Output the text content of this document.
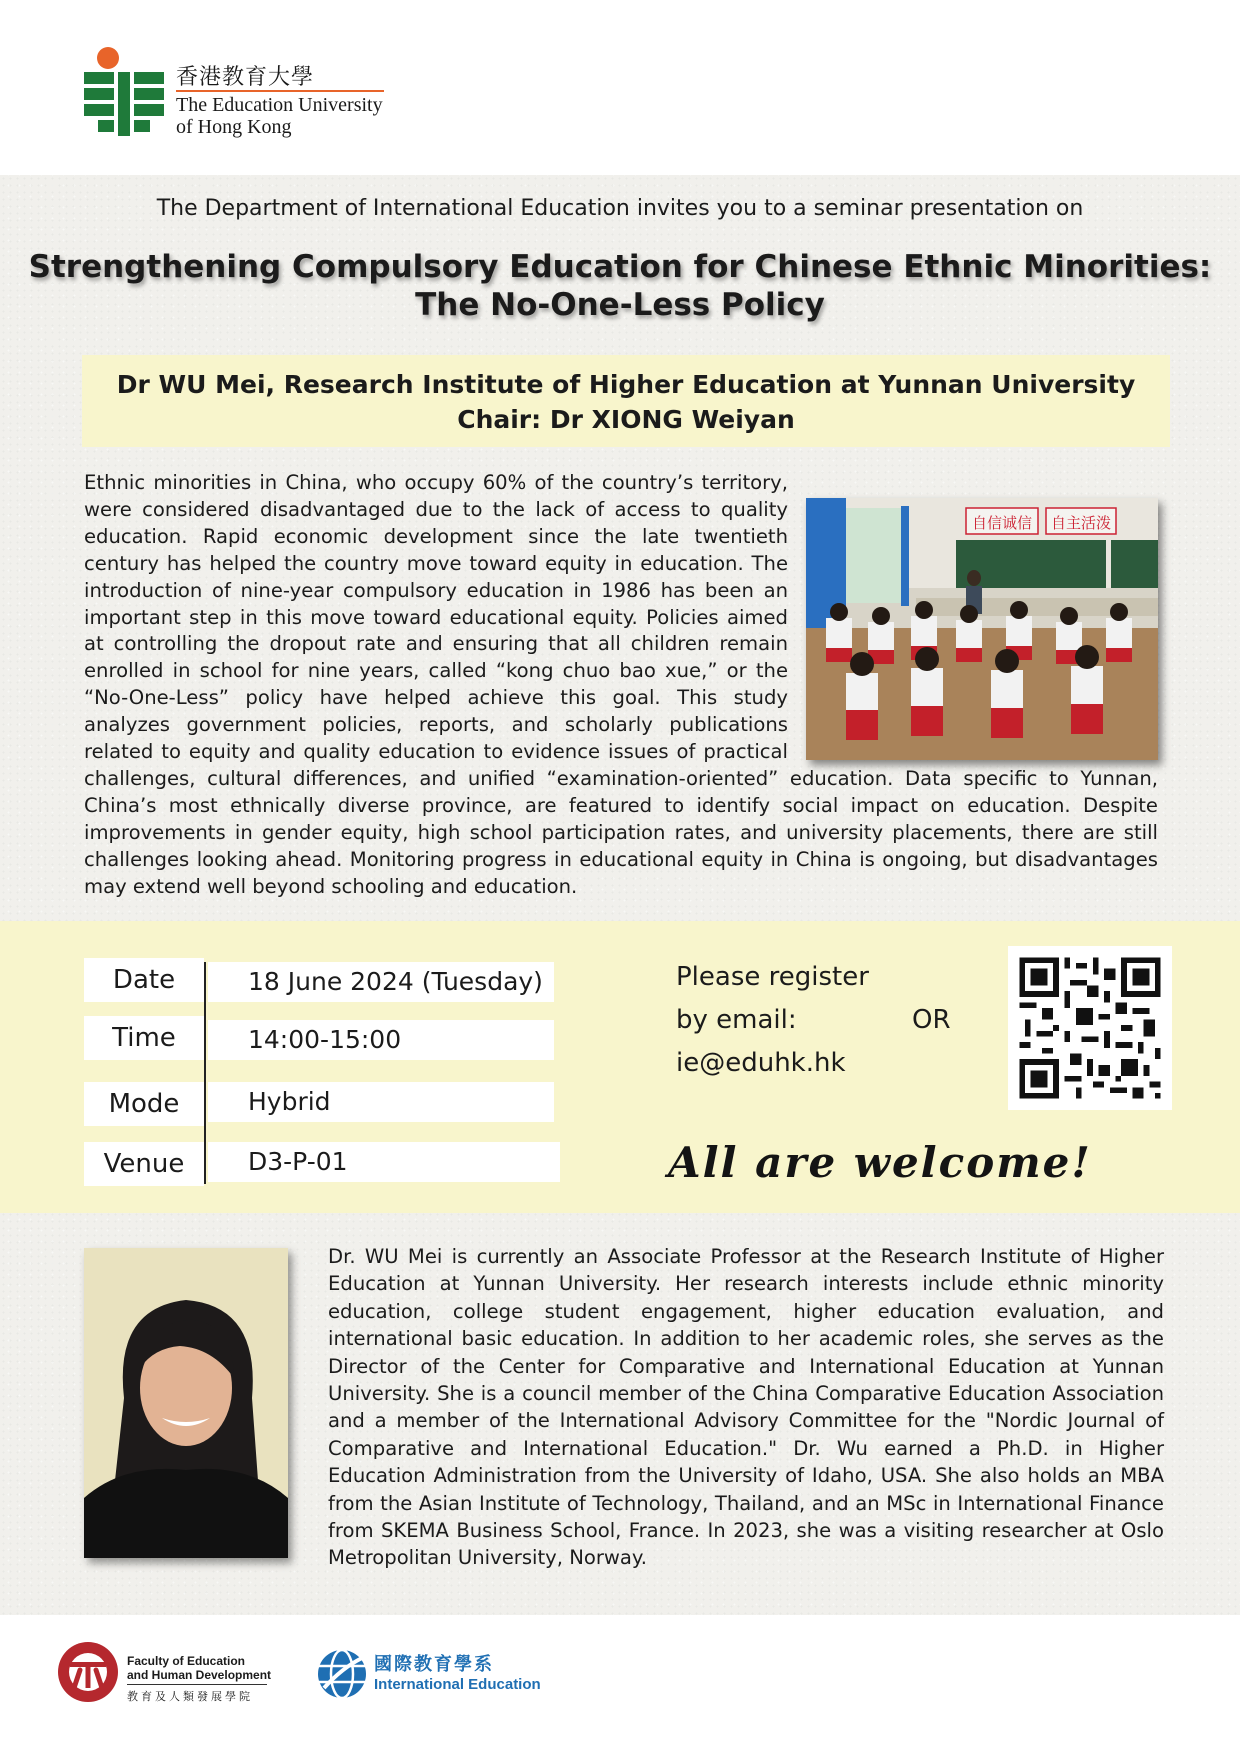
香港教育大學
The Education University
of Hong Kong
The Department of International Education invites you to a seminar presentation on
Strengthening Compulsory Education for Chinese Ethnic Minorities:
The No-One-Less Policy
Dr WU Mei, Research Institute of Higher Education at Yunnan University
Chair: Dr XIONG Weiyan
自信诚信 自主活泼
Ethnic minorities in China, who occupy 60% of the country’s territory, were considered disadvantaged due to the lack of access to quality education. Rapid economic development since the late twentieth century has helped the country move toward equity in education. The introduction of nine-year compulsory education in 1986 has been an important step in this move toward educational equity. Policies aimed at controlling the dropout rate and ensuring that all children remain enrolled in school for nine years, called “kong chuo bao xue,” or the “No-One-Less” policy have helped achieve this goal. This study analyzes government policies, reports, and scholarly publications related to equity and quality education to evidence issues of practical challenges, cultural differences, and unified “examination-oriented” education. Data specific to Yunnan, China’s most ethnically diverse province, are featured to identify social impact on education. Despite improvements in gender equity, high school participation rates, and university placements, there are still challenges looking ahead. Monitoring progress in educational equity in China is ongoing, but disadvantages may extend well beyond schooling and education.
Date	18 June 2024 (Tuesday)
Time	14:00-15:00
Mode	Hybrid
Venue	D3-P-01
Please register
by email:
ie@eduhk.hk
OR
All are welcome!
Dr. WU Mei is currently an Associate Professor at the Research Institute of Higher Education at Yunnan University. Her research interests include ethnic minority education, college student engagement, higher education evaluation, and international basic education. In addition to her academic roles, she serves as the Director of the Center for Comparative and International Education at Yunnan University. She is a council member of the China Comparative Education Association and a member of the International Advisory Committee for the "Nordic Journal of Comparative and International Education." Dr. Wu earned a Ph.D. in Higher Education Administration from the University of Idaho, USA. She also holds an MBA from the Asian Institute of Technology, Thailand, and an MSc in International Finance from SKEMA Business School, France. In 2023, she was a visiting researcher at Oslo Metropolitan University, Norway.
Faculty of Education
and Human Development
教育及人類發展學院
國際教育學系
International Education
